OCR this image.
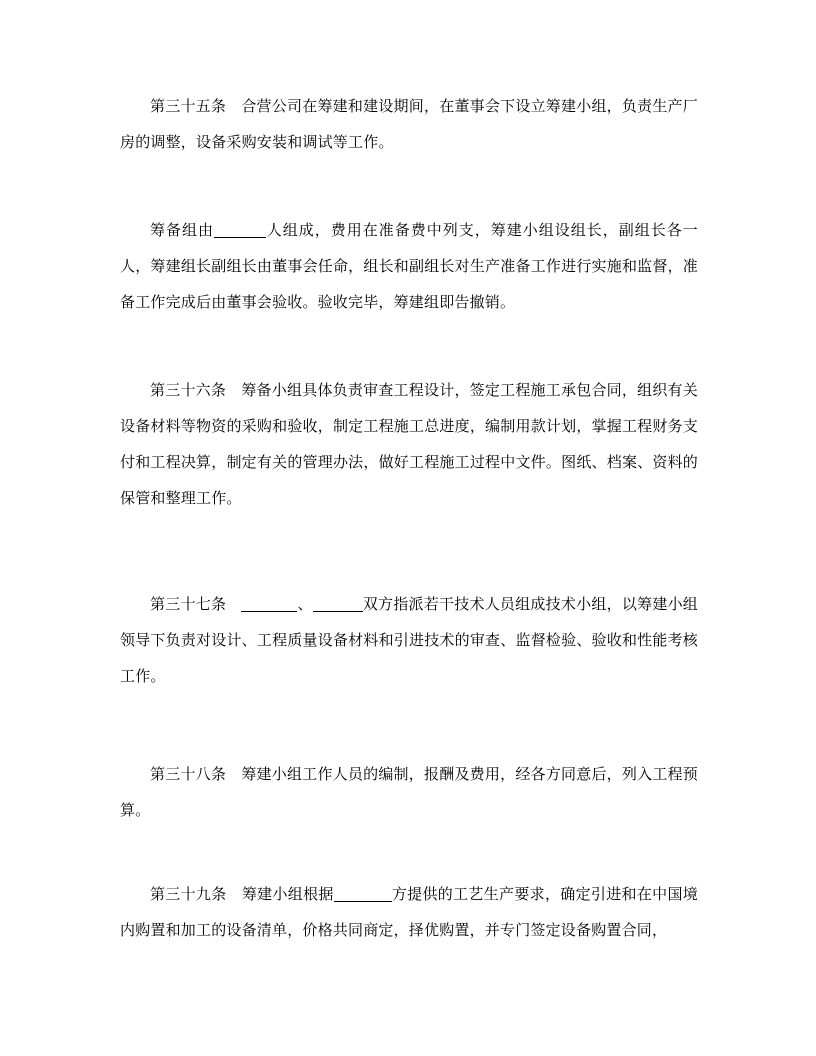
第三十五条　合营公司在筹建和建设期间，在董事会下设立筹建小组，负责生产厂房的调整，设备采购安装和调试等工作。

筹备组由	人组成，费用在准备费中列支，筹建小组设组长，副组长各一人，筹建组长副组长由董事会任命，组长和副组长对生产准备工作进行实施和监督，准备工作完成后由董事会验收。验收完毕，筹建组即告撤销。

第三十六条　筹备小组具体负责审查工程设计，签定工程施工承包合同，组织有关设备材料等物资的采购和验收，制定工程施工总进度，编制用款计划，掌握工程财务支付和工程决算，制定有关的管理办法，做好工程施工过程中文件。图纸、档案、资料的保管和整理工作。

第三十七条　	、	双方指派若干技术人员组成技术小组，以筹建小组领导下负责对设计、工程质量设备材料和引进技术的审查、监督检验、验收和性能考核工作。

第三十八条　筹建小组工作人员的编制，报酬及费用，经各方同意后，列入工程预算。

第三十九条　筹建小组根据	方提供的工艺生产要求，确定引进和在中国境内购置和加工的设备清单，价格共同商定，择优购置，并专门签定设备购置合同，
